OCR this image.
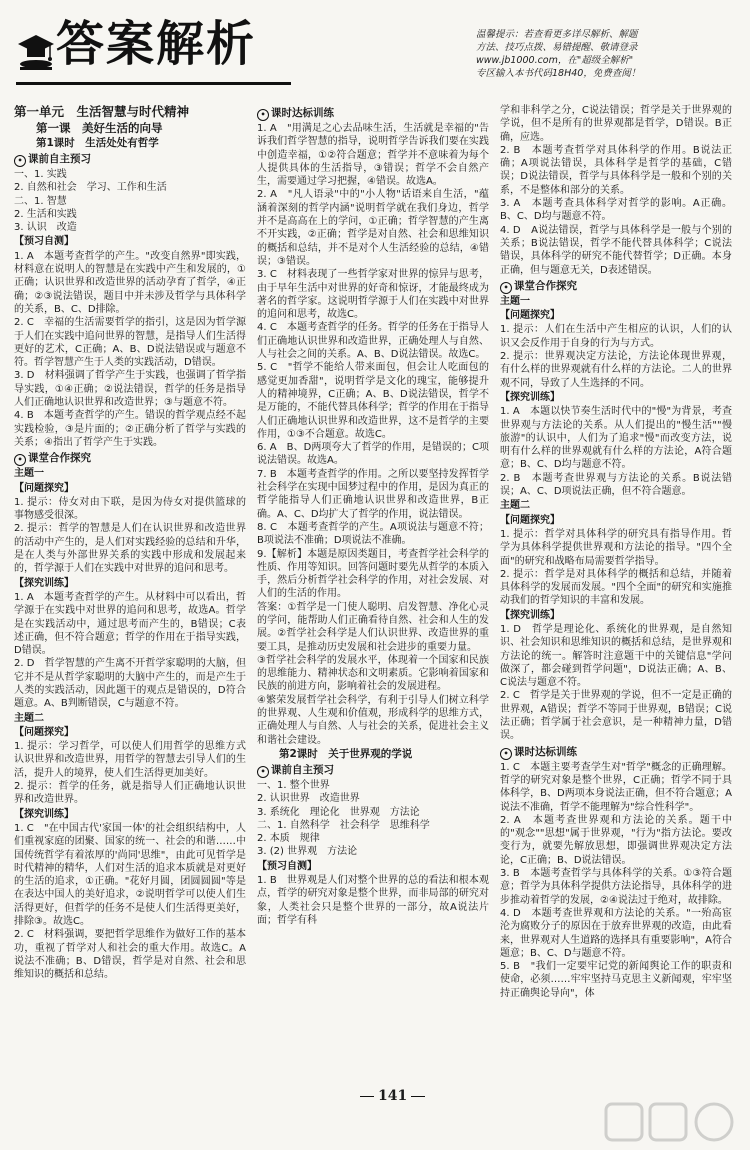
答案解析	温馨提示：若查看更多详尽解析、解题
方法、技巧点拨、易错提醒、敬请登录
www.jb1000.com，在"超级全解析"
专区输入本书代码18H40，免费查阅！
第一单元　生活智慧与时代精神
第一课　美好生活的向导
第1课时　生活处处有哲学
• 课前自主预习
一、1. 实践
2. 自然和社会　学习、工作和生活
二、1. 智慧
2. 生活和实践
3. 认识　改造
【预习自测】
1. A　本题考查哲学的产生。"改变自然界"即实践，材料意在说明人的智慧是在实践中产生和发展的，①正确；认识世界和改造世界的活动孕育了哲学，④正确；②③说法错误，题目中并未涉及哲学与具体科学的关系，B、C、D排除。
2. C　幸福的生活需要哲学的指引，这是因为哲学源于人们在实践中追问世界的智慧，是指导人们生活得更好的艺术，C正确；A、B、D说法错误或与题意不符。哲学智慧产生于人类的实践活动，D错误。
3. D　材料强调了哲学产生于实践，也强调了哲学指导实践，①④正确；②说法错误，哲学的任务是指导人们正确地认识世界和改造世界；③与题意不符。
4. B　本题考查哲学的产生。错误的哲学观点经不起实践检验，③是片面的；②正确分析了哲学与实践的关系；④指出了哲学产生于实践。
• 课堂合作探究
主题一
【问题探究】
1. 提示：侍女对由下联，是因为侍女对提供篮球的事物感受很深。
2. 提示：哲学的智慧是人们在认识世界和改造世界的活动中产生的，是人们对实践经验的总结和升华，是在人类与外部世界关系的实践中形成和发展起来的，哲学源于人们在实践中对世界的追问和思考。
【探究训练】
1. A　本题考查哲学的产生。从材料中可以看出，哲学源于在实践中对世界的追问和思考，故选A。哲学是在实践活动中，通过思考而产生的，B错误；C表述正确，但不符合题意；哲学的作用在于指导实践，D错误。
2. D　哲学智慧的产生离不开哲学家聪明的大脑，但它并不是从哲学家聪明的大脑中产生的，而是产生于人类的实践活动，因此题干的观点是错误的，D符合题意。A、B判断错误，C与题意不符。
主题二
【问题探究】
1. 提示：学习哲学，可以使人们用哲学的思维方式认识世界和改造世界，用哲学的智慧去引导人们的生活，提升人的境界，使人们生活得更加美好。
2. 提示：哲学的任务，就是指导人们正确地认识世界和改造世界。
【探究训练】
1. C　"在中国古代'家国一体'的社会组织结构中，人们重视家庭的团聚、国家的统一、社会的和谐……中国传统哲学有着浓厚的'尚同'思维"，由此可见哲学是时代精神的精华，人们对生活的追求本质就是对更好的生活的追求，①正确。"花好月圆，团圆圆圆"等是在表达中国人的美好追求，②说明哲学可以使人们生活得更好，但哲学的任务不是使人们生活得更美好，排除③。故选C。
2. C　材料强调，要把哲学思维作为做好工作的基本功，重视了哲学对人和社会的重大作用。故选C。A说法不准确；B、D错误，哲学是对自然、社会和思维知识的概括和总结。
• 课时达标训练
1. A　"用满足之心去品味生活，生活就是幸福的"告诉我们哲学智慧的指导，说明哲学告诉我们要在实践中创造幸福，①②符合题意；哲学并不意味着为每个人提供具体的生活指导，③错误；哲学不会自然产生，需要通过学习把握，④错误。故选A。
2. A　"凡人语录"中的"小人物"话语来自生活，"蕴涵着深刻的哲学内涵"说明哲学就在我们身边，哲学并不是高高在上的学问，①正确；哲学智慧的产生离不开实践，②正确；哲学是对自然、社会和思维知识的概括和总结，并不是对个人生活经验的总结，④错误；③错误。
3. C　材料表现了一些哲学家对世界的惊异与思考，由于早年生活中对世界的好奇和惊讶，才能最终成为著名的哲学家。这说明哲学源于人们在实践中对世界的追问和思考，故选C。
4. C　本题考查哲学的任务。哲学的任务在于指导人们正确地认识世界和改造世界，正确处理人与自然、人与社会之间的关系。A、B、D说法错误。故选C。
5. C　"哲学不能给人带来面包，但会让人吃面包的感觉更加香甜"，说明哲学是文化的瑰宝，能够提升人的精神境界，C正确；A、B、D说法错误，哲学不是万能的，不能代替具体科学；哲学的作用在于指导人们正确地认识世界和改造世界，这不是哲学的主要作用，①③不合题意。故选C。
6. A　B、D两项夸大了哲学的作用，是错误的；C项说法错误。故选A。
7. B　本题考查哲学的作用。之所以要坚持发挥哲学社会科学在实现中国梦过程中的作用，是因为真正的哲学能指导人们正确地认识世界和改造世界，B正确。A、C、D均扩大了哲学的作用，说法错误。
8. C　本题考查哲学的产生。A项说法与题意不符；B项说法不准确；D项说法不准确。
9.【解析】本题是原因类题目，考查哲学社会科学的性质、作用等知识。回答问题时要先从哲学的本质入手，然后分析哲学社会科学的作用，对社会发展、对人们的生活的作用。
答案：①哲学是一门使人聪明、启发智慧、净化心灵的学问，能帮助人们正确看待自然、社会和人生的发展。②哲学社会科学是人们认识世界、改造世界的重要工具，是推动历史发展和社会进步的重要力量。
③哲学社会科学的发展水平，体现着一个国家和民族的思维能力、精神状态和文明素质。它影响着国家和民族的前进方向，影响着社会的发展进程。
④繁荣发展哲学社会科学，有利于引导人们树立科学的世界观、人生观和价值观，形成科学的思维方式，正确处理人与自然、人与社会的关系，促进社会主义和谐社会建设。
第2课时　关于世界观的学说
• 课前自主预习
一、1. 整个世界
2. 认识世界　改造世界
3. 系统化　理论化　世界观　方法论
二、1. 自然科学　社会科学　思维科学
2. 本质　规律
3. (2) 世界观　方法论
【预习自测】
1. B　世界观是人们对整个世界的总的看法和根本观点，哲学的研究对象是整个世界，而非局部的研究对象，人类社会只是整个世界的一部分，故A说法片面；哲学有科
学和非科学之分，C说法错误；哲学是关于世界观的学说，但不是所有的世界观都是哲学，D错误。B正确，应选。
2. B　本题考查哲学对具体科学的作用。B说法正确；A项说法错误，具体科学是哲学的基础，C错误；D说法错误，哲学与具体科学是一般和个别的关系，不是整体和部分的关系。
3. A　本题考查具体科学对哲学的影响。A正确。B、C、D均与题意不符。
4. D　A说法错误，哲学与具体科学是一般与个别的关系；B说法错误，哲学不能代替具体科学；C说法错误，具体科学的研究不能代替哲学；D正确。本身正确，但与题意无关，D表述错误。
• 课堂合作探究
主题一
【问题探究】
1. 提示：人们在生活中产生相应的认识，人们的认识又会反作用于自身的行为与方式。
2. 提示：世界观决定方法论，方法论体现世界观，有什么样的世界观就有什么样的方法论。二人的世界观不同，导致了人生选择的不同。
【探究训练】
1. A　本题以快节奏生活时代中的"慢"为背景，考查世界观与方法论的关系。从人们提出的"慢生活""慢旅游"的认识中，人们为了追求"慢"而改变方法，说明有什么样的世界观就有什么样的方法论，A符合题意；B、C、D均与题意不符。
2. B　本题考查世界观与方法论的关系。B说法错误；A、C、D项说法正确，但不符合题意。
主题二
【问题探究】
1. 提示：哲学对具体科学的研究具有指导作用。哲学为具体科学提供世界观和方法论的指导。"四个全面"的研究和战略布局需要哲学指导。
2. 提示：哲学是对具体科学的概括和总结，并随着具体科学的发展而发展。"四个全面"的研究和实施推动我们的哲学知识的丰富和发展。
【探究训练】
1. D　哲学是理论化、系统化的世界观，是自然知识、社会知识和思维知识的概括和总结，是世界观和方法论的统一。解答时注意题干中的关键信息"学问做深了，都会碰到哲学问题"，D说法正确；A、B、C说法与题意不符。
2. C　哲学是关于世界观的学说，但不一定是正确的世界观，A错误；哲学不等同于世界观，B错误；C说法正确；哲学属于社会意识，是一种精神力量，D错误。
• 课时达标训练
1. C　本题主要考查学生对"哲学"概念的正确理解。哲学的研究对象是整个世界，C正确；哲学不同于具体科学，B、D两项本身说法正确，但不符合题意；A说法不准确，哲学不能理解为"综合性科学"。
2. A　本题考查世界观和方法论的关系。题干中的"观念""思想"属于世界观，"行为"指方法论。要改变行为，就要先解放思想，即强调世界观决定方法论，C正确；B、D说法错误。
3. B　本题考查哲学与具体科学的关系。①③符合题意；哲学为具体科学提供方法论指导，具体科学的进步推动着哲学的发展，②④说法过于绝对，故排除。
4. D　本题考查世界观和方法论的关系。"一殆高宦沦为腐败分子的原因在于放弃世界观的改造，由此看来，世界观对人生道路的选择具有重要影响"，A符合题意；B、C、D与题意不符。
5. B　"我们一定要牢记党的新闻舆论工作的职责和使命，必须……牢牢坚持马克思主义新闻观，牢牢坚持正确舆论导向"，体
141
